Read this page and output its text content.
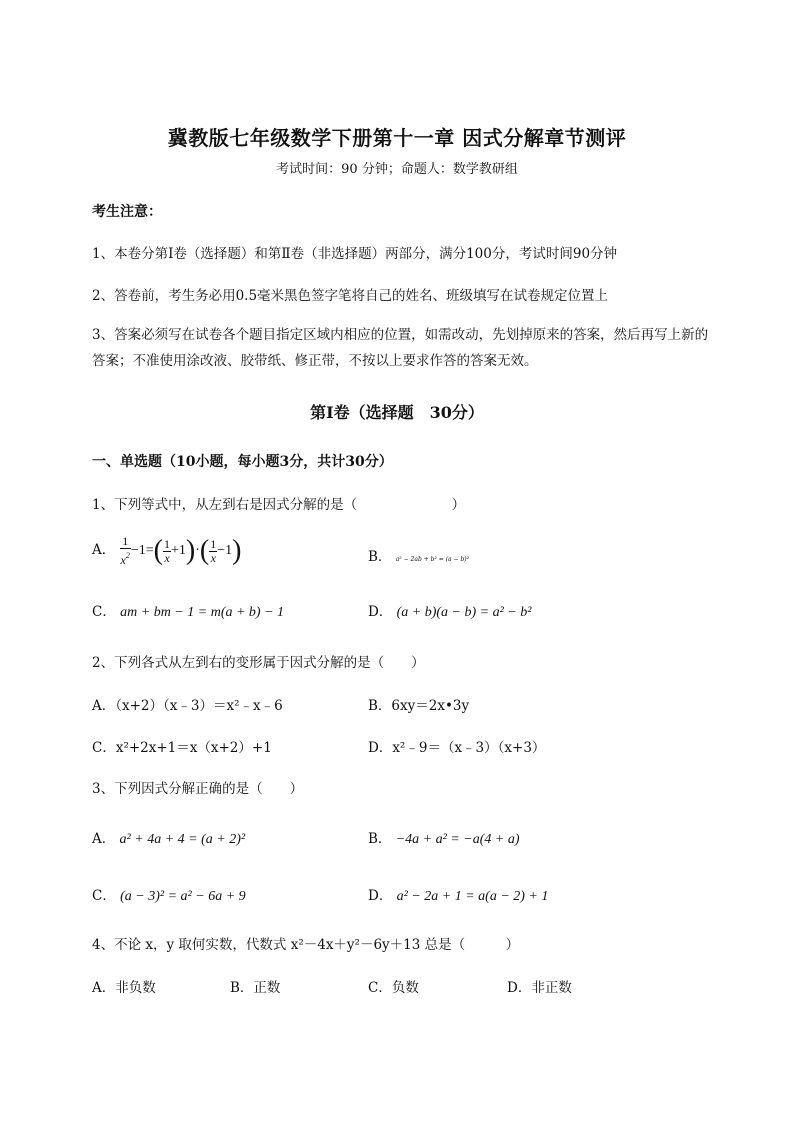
冀教版七年级数学下册第十一章 因式分解章节测评
考试时间：90 分钟；命题人：数学教研组
考生注意：
1、本卷分第Ⅰ卷（选择题）和第Ⅱ卷（非选择题）两部分，满分100分，考试时间90分钟
2、答卷前，考生务必用0.5毫米黑色签字笔将自己的姓名、班级填写在试卷规定位置上
3、答案必须写在试卷各个题目指定区域内相应的位置，如需改动，先划掉原来的答案，然后再写上新的答案；不准使用涂改液、胶带纸、修正带，不按以上要求作答的答案无效。
第Ⅰ卷（选择题　30分）
一、单选题（10小题，每小题3分，共计30分）
1、下列等式中，从左到右是因式分解的是（　　　　　　　）
A． $\frac{1}{x^2} -1=( \frac{1}{x} +1)\cdot( \frac{1}{x} -1)$	B． a² − 2ab + b² = (a − b)²
C． am + bm − 1 = m(a + b) − 1	D． (a + b)(a − b) = a² − b²
2、下列各式从左到右的变形属于因式分解的是（　　）
A．（x+2）（x﹣3）＝x²﹣x﹣6	B．6xy＝2x•3y
C．x²+2x+1＝x（x+2）+1	D．x²﹣9＝（x﹣3）（x+3）
3、下列因式分解正确的是（　　）
A． a² + 4a + 4 = (a + 2)²	B． −4a + a² = −a(4 + a)
C． (a − 3)² = a² − 6a + 9	D． a² − 2a + 1 = a(a − 2) + 1
4、不论 x，y 取何实数，代数式 x²－4x＋y²－6y＋13 总是（　　　）
A．非负数	B．正数	C．负数	D．非正数
